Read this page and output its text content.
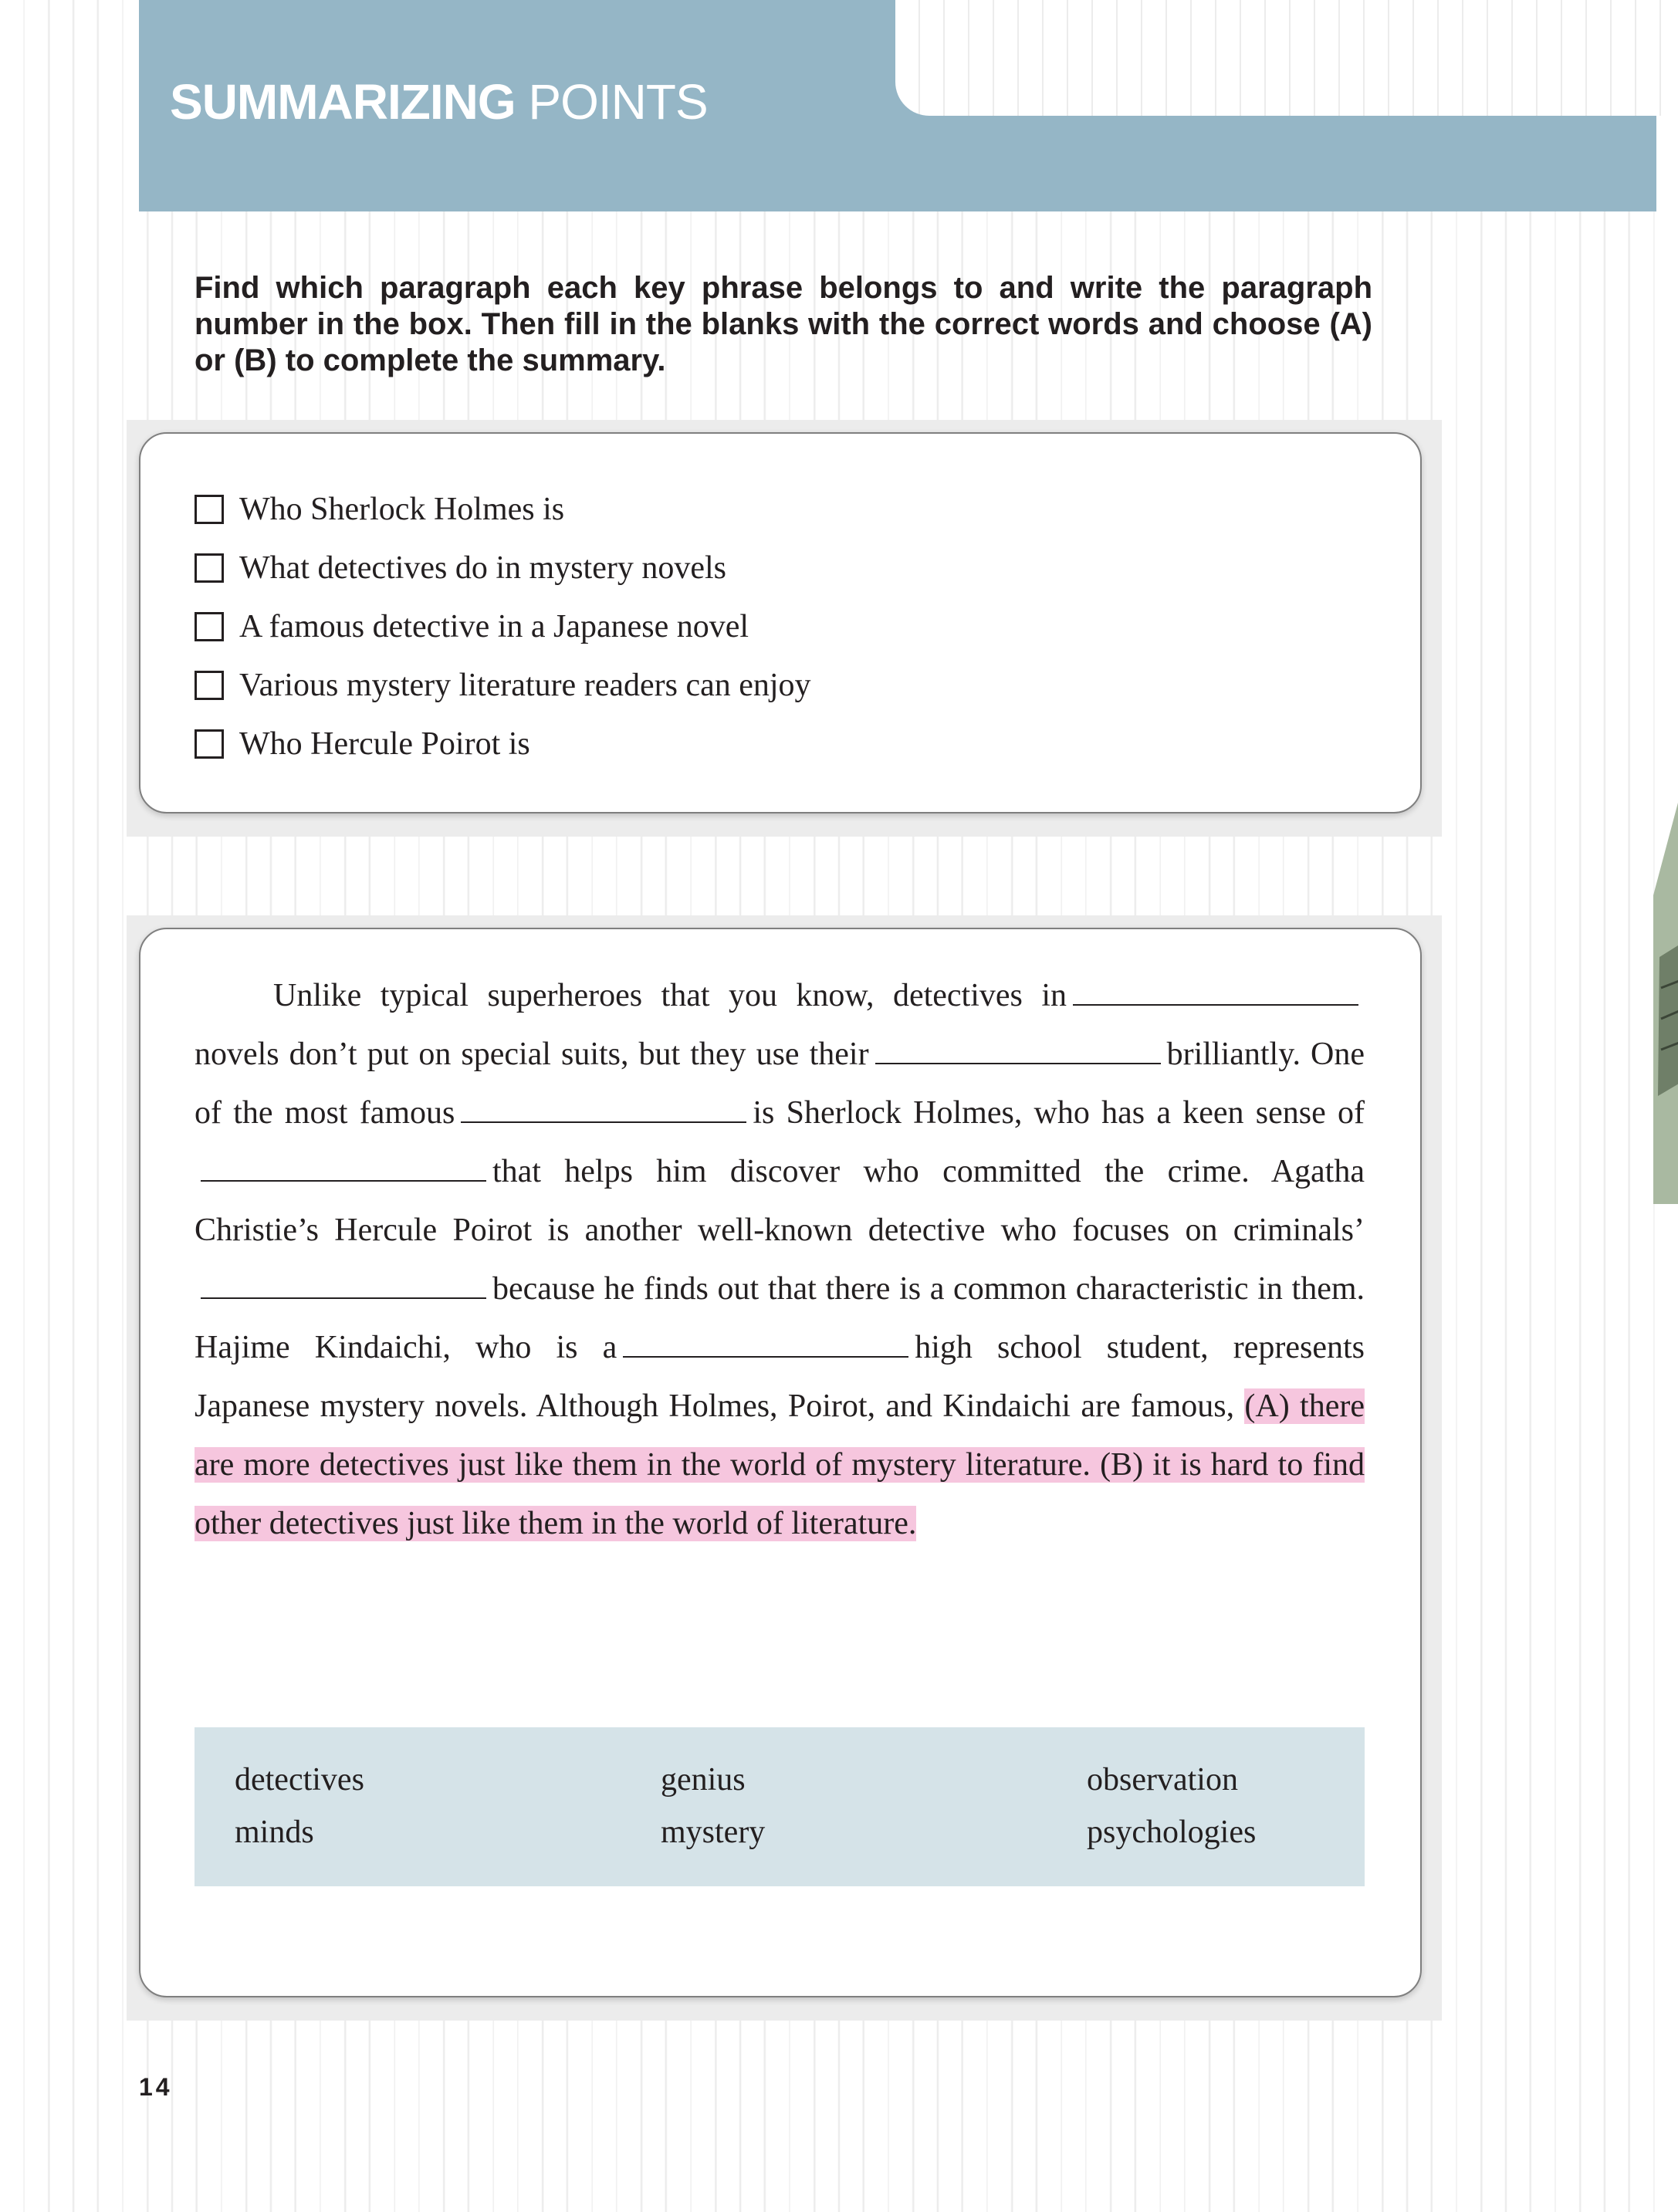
SUMMARIZING POINTS

Find which paragraph each key phrase belongs to and write the paragraph number in the box. Then fill in the blanks with the correct words and choose (A) or (B) to complete the summary.

Who Sherlock Holmes is
What detectives do in mystery novels
A famous detective in a Japanese novel
Various mystery literature readers can enjoy
Who Hercule Poirot is

Unlike typical superheroes that you know, detectives in novels don’t put on special suits, but they use their	brilliantly. One of the most famous	is Sherlock Holmes, who has a keen sense ofthat helps him discover who committed the crime. Agatha Christie’s Hercule Poirot is another well-known detective who focuses on criminals’because he finds out that there is a common characteristic in them. Hajime Kindaichi, who is a	high school student, represents Japanese mystery novels. Although Holmes, Poirot, and Kindaichi are famous, (A) there are more detectives just like them in the world of mystery literature. (B) it is hard to find other detectives just like them in the world of literature.

detectives	genius	observation
minds	mystery	psychologies
14
